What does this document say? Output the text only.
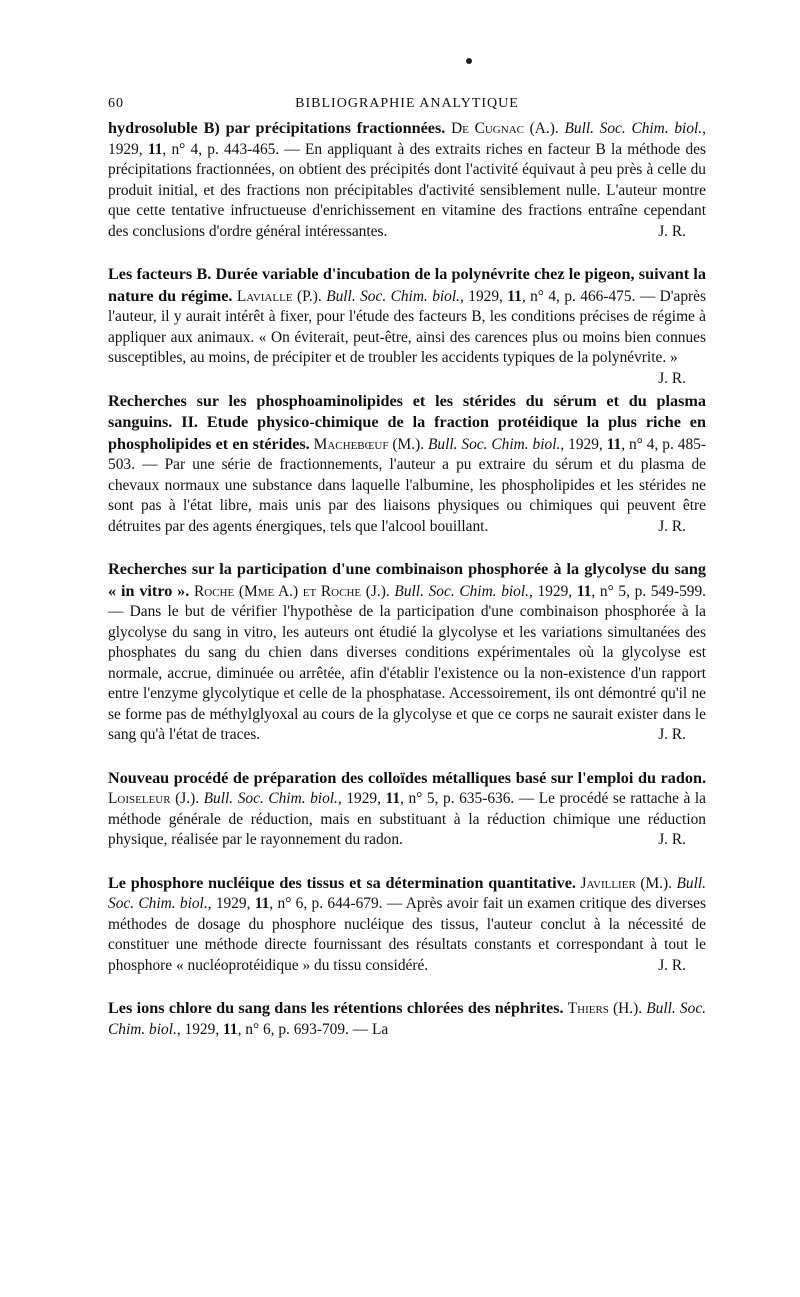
60	BIBLIOGRAPHIE ANALYTIQUE

hydrosoluble B) par précipitations fractionnées. De Cugnac (A.). Bull. Soc. Chim. biol., 1929, 11, n° 4, p. 443-465. — En appliquant à des extraits riches en facteur B la méthode des précipitations fractionnées, on obtient des précipités dont l'activité équivaut à peu près à celle du produit initial, et des fractions non précipitables d'activité sensiblement nulle. L'auteur montre que cette tentative infructueuse d'enrichissement en vitamine des fractions entraîne cependant des conclusions d'ordre général intéressantes.	J. R.

Les facteurs B. Durée variable d'incubation de la polynévrite chez le pigeon, suivant la nature du régime. Lavialle (P.). Bull. Soc. Chim. biol., 1929, 11, n° 4, p. 466-475. — D'après l'auteur, il y aurait intérêt à fixer, pour l'étude des facteurs B, les conditions précises de régime à appliquer aux animaux. « On éviterait, peut-être, ainsi des carences plus ou moins bien connues susceptibles, au moins, de précipiter et de troubler les accidents typiques de la polynévrite. »
J. R.

Recherches sur les phosphoaminolipides et les stérides du sérum et du plasma sanguins. II. Etude physico-chimique de la fraction protéidique la plus riche en phospholipides et en stérides. Machebœuf (M.). Bull. Soc. Chim. biol., 1929, 11, n° 4, p. 485-503. — Par une série de fractionnements, l'auteur a pu extraire du sérum et du plasma de chevaux normaux une substance dans laquelle l'albumine, les phospholipides et les stérides ne sont pas à l'état libre, mais unis par des liaisons physiques ou chimiques qui peuvent être détruites par des agents énergiques, tels que l'alcool bouillant.	J. R.

Recherches sur la participation d'une combinaison phosphorée à la glycolyse du sang « in vitro ». Roche (Mme A.) et Roche (J.). Bull. Soc. Chim. biol., 1929, 11, n° 5, p. 549-599. — Dans le but de vérifier l'hypothèse de la participation d'une combinaison phosphorée à la glycolyse du sang in vitro, les auteurs ont étudié la glycolyse et les variations simultanées des phosphates du sang du chien dans diverses conditions expérimentales où la glycolyse est normale, accrue, diminuée ou arrêtée, afin d'établir l'existence ou la non-existence d'un rapport entre l'enzyme glycolytique et celle de la phosphatase. Accessoirement, ils ont démontré qu'il ne se forme pas de méthylglyoxal au cours de la glycolyse et que ce corps ne saurait exister dans le sang qu'à l'état de traces.	J. R.

Nouveau procédé de préparation des colloïdes métalliques basé sur l'emploi du radon. Loiseleur (J.). Bull. Soc. Chim. biol., 1929, 11, n° 5, p. 635-636. — Le procédé se rattache à la méthode générale de réduction, mais en substituant à la réduction chimique une réduction physique, réalisée par le rayonnement du radon.	J. R.

Le phosphore nucléique des tissus et sa détermination quantitative. Javillier (M.). Bull. Soc. Chim. biol., 1929, 11, n° 6, p. 644-679. — Après avoir fait un examen critique des diverses méthodes de dosage du phosphore nucléique des tissus, l'auteur conclut à la nécessité de constituer une méthode directe fournissant des résultats constants et correspondant à tout le phosphore « nucléoprotéidique » du tissu considéré.	J. R.

Les ions chlore du sang dans les rétentions chlorées des néphrites. Thiers (H.). Bull. Soc. Chim. biol., 1929, 11, n° 6, p. 693-709. — La
